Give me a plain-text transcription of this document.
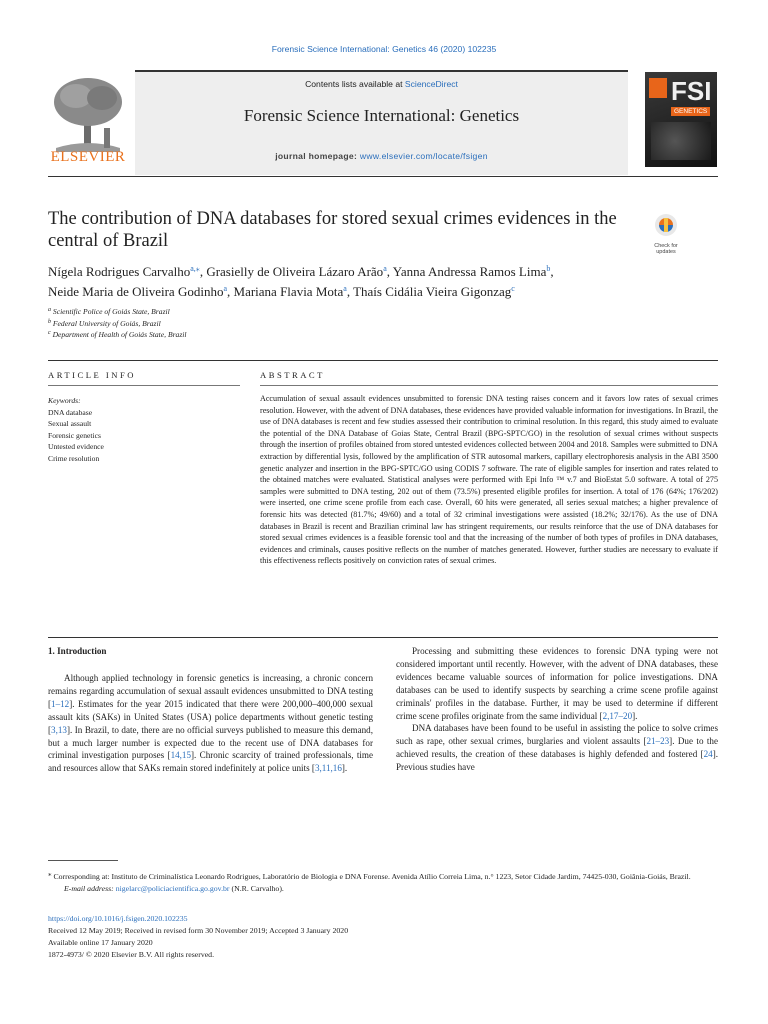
Forensic Science International: Genetics 46 (2020) 102235
ELSEVIER
Contents lists available at ScienceDirect
Forensic Science International: Genetics
journal homepage: www.elsevier.com/locate/fsigen
FSI
GENETICS
The contribution of DNA databases for stored sexual crimes evidences in the central of Brazil	Check for
updates
Nígela Rodrigues Carvalho$^{a,⁎}$, Grasielly de Oliveira Lázaro Arão$^a$, Yanna Andressa Ramos Lima$^b$,
Neide Maria de Oliveira Godinho$^a$, Mariana Flavia Mota$^a$, Thaís Cidália Vieira Gigonzag$^c$
$^a$ Scientific Police of Goiás State, Brazil
$^b$ Federal University of Goiás, Brazil
$^c$ Department of Health of Goiás State, Brazil
ARTICLE INFO	ABSTRACT
Keywords:
DNA database
Sexual assault
Forensic genetics
Untested evidence
Crime resolution
Accumulation of sexual assault evidences unsubmitted to forensic DNA testing raises concern and it favors low rates of sexual crimes resolution. However, with the advent of DNA databases, these evidences have provided valuable information for investigations. In Brazil, the use of DNA databases is recent and few studies assessed their contribution to criminal resolution. In this regard, this study aimed to evaluate the potential of the DNA Database of Goias State, Central Brazil (BPG-SPTC/GO) in the resolution of sexual crimes without suspects through the insertion of profiles obtained from stored untested evidences collected between 2004 and 2018. Samples were submitted to DNA extraction by differential lysis, followed by the amplification of STR autosomal markers, capillary electrophoresis analysis in the ABI 3500 genetic analyzer and insertion in the BPG-SPTC/GO using CODIS 7 software. The rate of eligible samples for insertion and rates related to the obtained matches were evaluated. Statistical analyses were performed with Epi Info ™ v.7 and BioEstat 5.0 software. A total of 275 samples were submitted to DNA testing, 202 out of them (73.5%) presented eligible profiles for insertion. A total of 176 (64%; 176/202) were inserted, one crime scene profile from each case. Overall, 60 hits were generated, all series sexual matches; a higher prevalence of forensic hits was detected (81.7%; 49/60) and a total of 32 criminal investigations were assisted (18.2%; 32/176). As the use of DNA databases in Brazil is recent and Brazilian criminal law has stringent requirements, our results reinforce that the use of DNA databases for stored sexual crimes evidences is a feasible forensic tool and that the increasing of the number of both types of profiles in DNA databases, evidences and criminals, causes positive reflects on the number of matches generated. However, further studies are necessary to evaluate if this effectiveness reflects positively on conviction rates of sexual crimes.
1. Introduction

Although applied technology in forensic genetics is increasing, a chronic concern remains regarding accumulation of sexual assault evidences unsubmitted to DNA testing [1–12]. Estimates for the year 2015 indicated that there were 200,000–400,000 sexual assault kits (SAKs) in United States (USA) police departments without genetic testing [3,13]. In Brazil, to date, there are no official surveys published to measure this demand, but a much larger number is expected due to the recent use of DNA databases for criminal investigation purposes [14,15]. Chronic scarcity of trained professionals, time and resources allow that SAKs remain stored indefinitely at police units [3,11,16].

Processing and submitting these evidences to forensic DNA typing were not considered important until recently. However, with the advent of DNA databases, these evidences became valuable sources of information for police investigations. DNA databases can be used to identify suspects by searching a crime scene profile against criminals' profiles in the database. Further, it may be used to determine if different crime scene profiles originate from the same individual [2,17–20].

DNA databases have been found to be useful in assisting the police to solve crimes such as rape, other sexual crimes, burglaries and violent assaults [21–23]. Due to the achieved results, the creation of these databases is highly defended and fostered [24]. Previous studies have

⁎ Corresponding at: Instituto de Criminalística Leonardo Rodrigues, Laboratório de Biologia e DNA Forense. Avenida Atílio Correia Lima, n.° 1223, Setor Cidade Jardim, 74425-030, Goiânia-Goiás, Brazil.
E-mail address: nigelarc@policiacientifica.go.gov.br (N.R. Carvalho).
https://doi.org/10.1016/j.fsigen.2020.102235
Received 12 May 2019; Received in revised form 30 November 2019; Accepted 3 January 2020
Available online 17 January 2020
1872-4973/ © 2020 Elsevier B.V. All rights reserved.
